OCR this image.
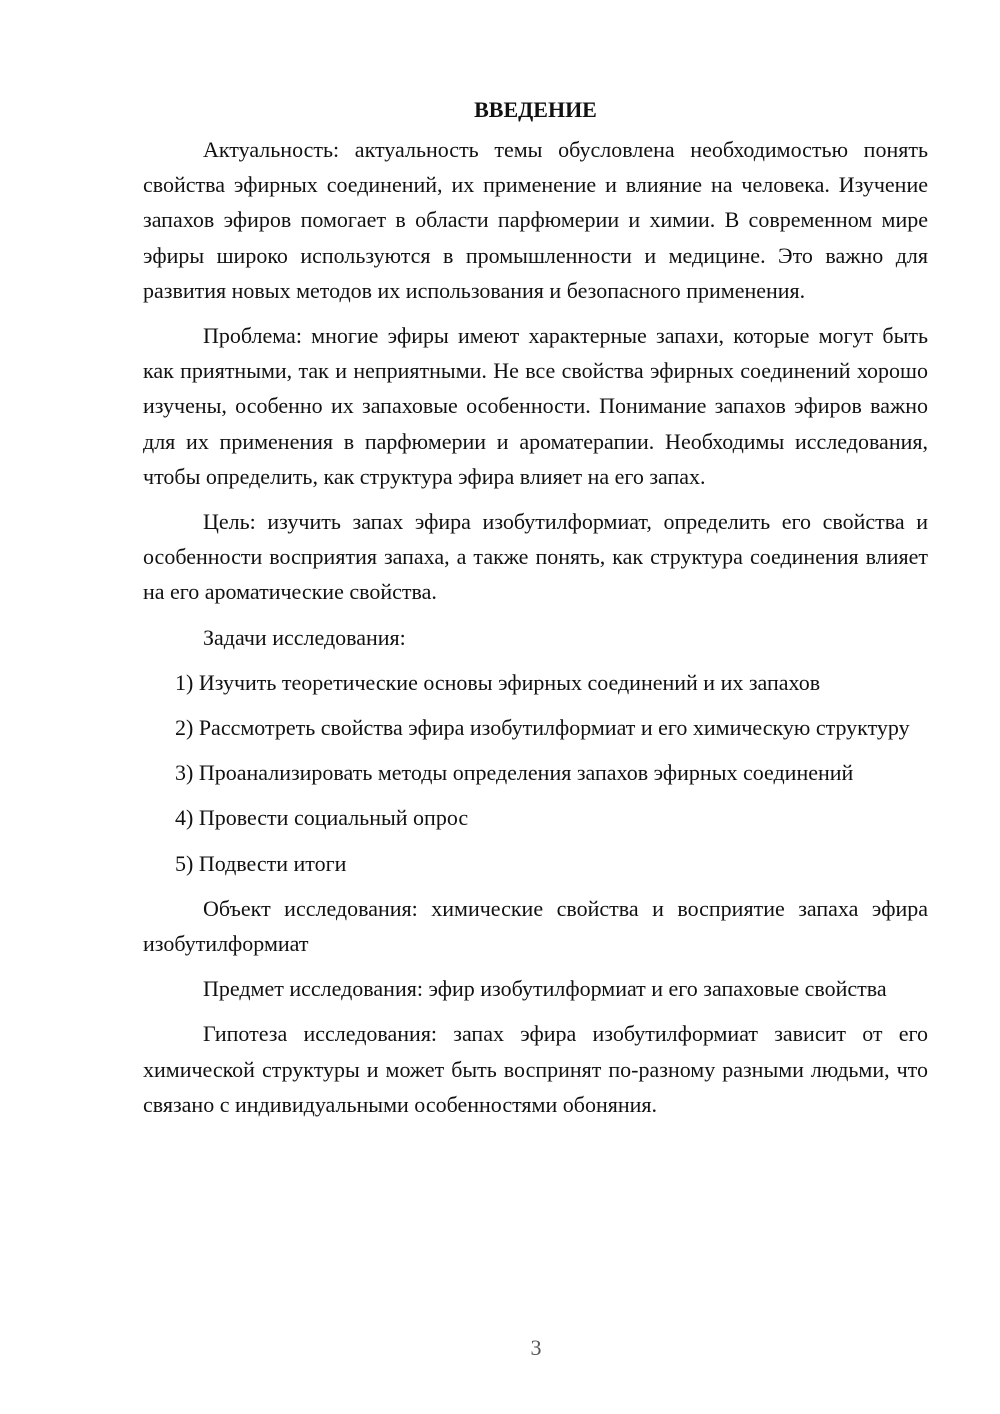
ВВЕДЕНИЕ

Актуальность: актуальность темы обусловлена необходимостью понять свойства эфирных соединений, их применение и влияние на человека. Изучение запахов эфиров помогает в области парфюмерии и химии. В современном мире эфиры широко используются в промышленности и медицине. Это важно для развития новых методов их использования и безопасного применения.

Проблема: многие эфиры имеют характерные запахи, которые могут быть как приятными, так и неприятными. Не все свойства эфирных соединений хорошо изучены, особенно их запаховые особенности. Понимание запахов эфиров важно для их применения в парфюмерии и ароматерапии. Необходимы исследования, чтобы определить, как структура эфира влияет на его запах.

Цель: изучить запах эфира изобутилформиат, определить его свойства и особенности восприятия запаха, а также понять, как структура соединения влияет на его ароматические свойства.

Задачи исследования:

1) Изучить теоретические основы эфирных соединений и их запахов

2) Рассмотреть свойства эфира изобутилформиат и его химическую структуру

3) Проанализировать методы определения запахов эфирных соединений

4) Провести социальный опрос

5) Подвести итоги

Объект исследования: химические свойства и восприятие запаха эфира изобутилформиат

Предмет исследования: эфир изобутилформиат и его запаховые свойства

Гипотеза исследования: запах эфира изобутилформиат зависит от его химической структуры и может быть воспринят по-разному разными людьми, что связано с индивидуальными особенностями обоняния.

3
